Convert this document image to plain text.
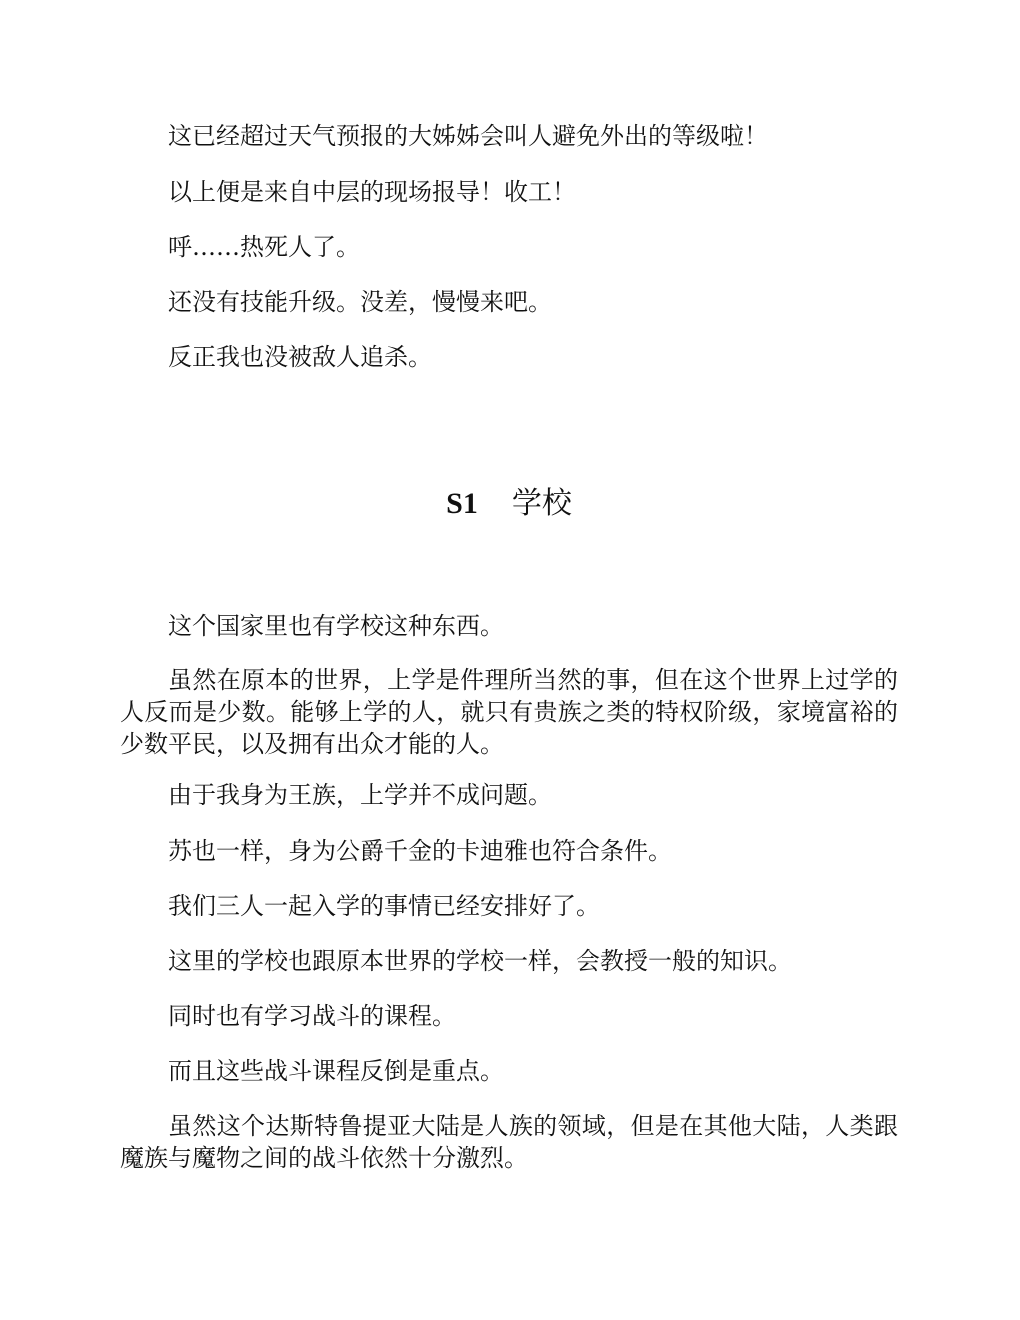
这已经超过天气预报的大姊姊会叫人避免外出的等级啦！

以上便是来自中层的现场报导！收工！

呼……热死人了。

还没有技能升级。没差，慢慢来吧。

反正我也没被敌人追杀。

S1 学校

这个国家里也有学校这种东西。

虽然在原本的世界，上学是件理所当然的事，但在这个世界上过学的人反而是少数。能够上学的人，就只有贵族之类的特权阶级，家境富裕的少数平民，以及拥有出众才能的人。

由于我身为王族，上学并不成问题。

苏也一样，身为公爵千金的卡迪雅也符合条件。

我们三人一起入学的事情已经安排好了。

这里的学校也跟原本世界的学校一样，会教授一般的知识。

同时也有学习战斗的课程。

而且这些战斗课程反倒是重点。

虽然这个达斯特鲁提亚大陆是人族的领域，但是在其他大陆，人类跟魔族与魔物之间的战斗依然十分激烈。
